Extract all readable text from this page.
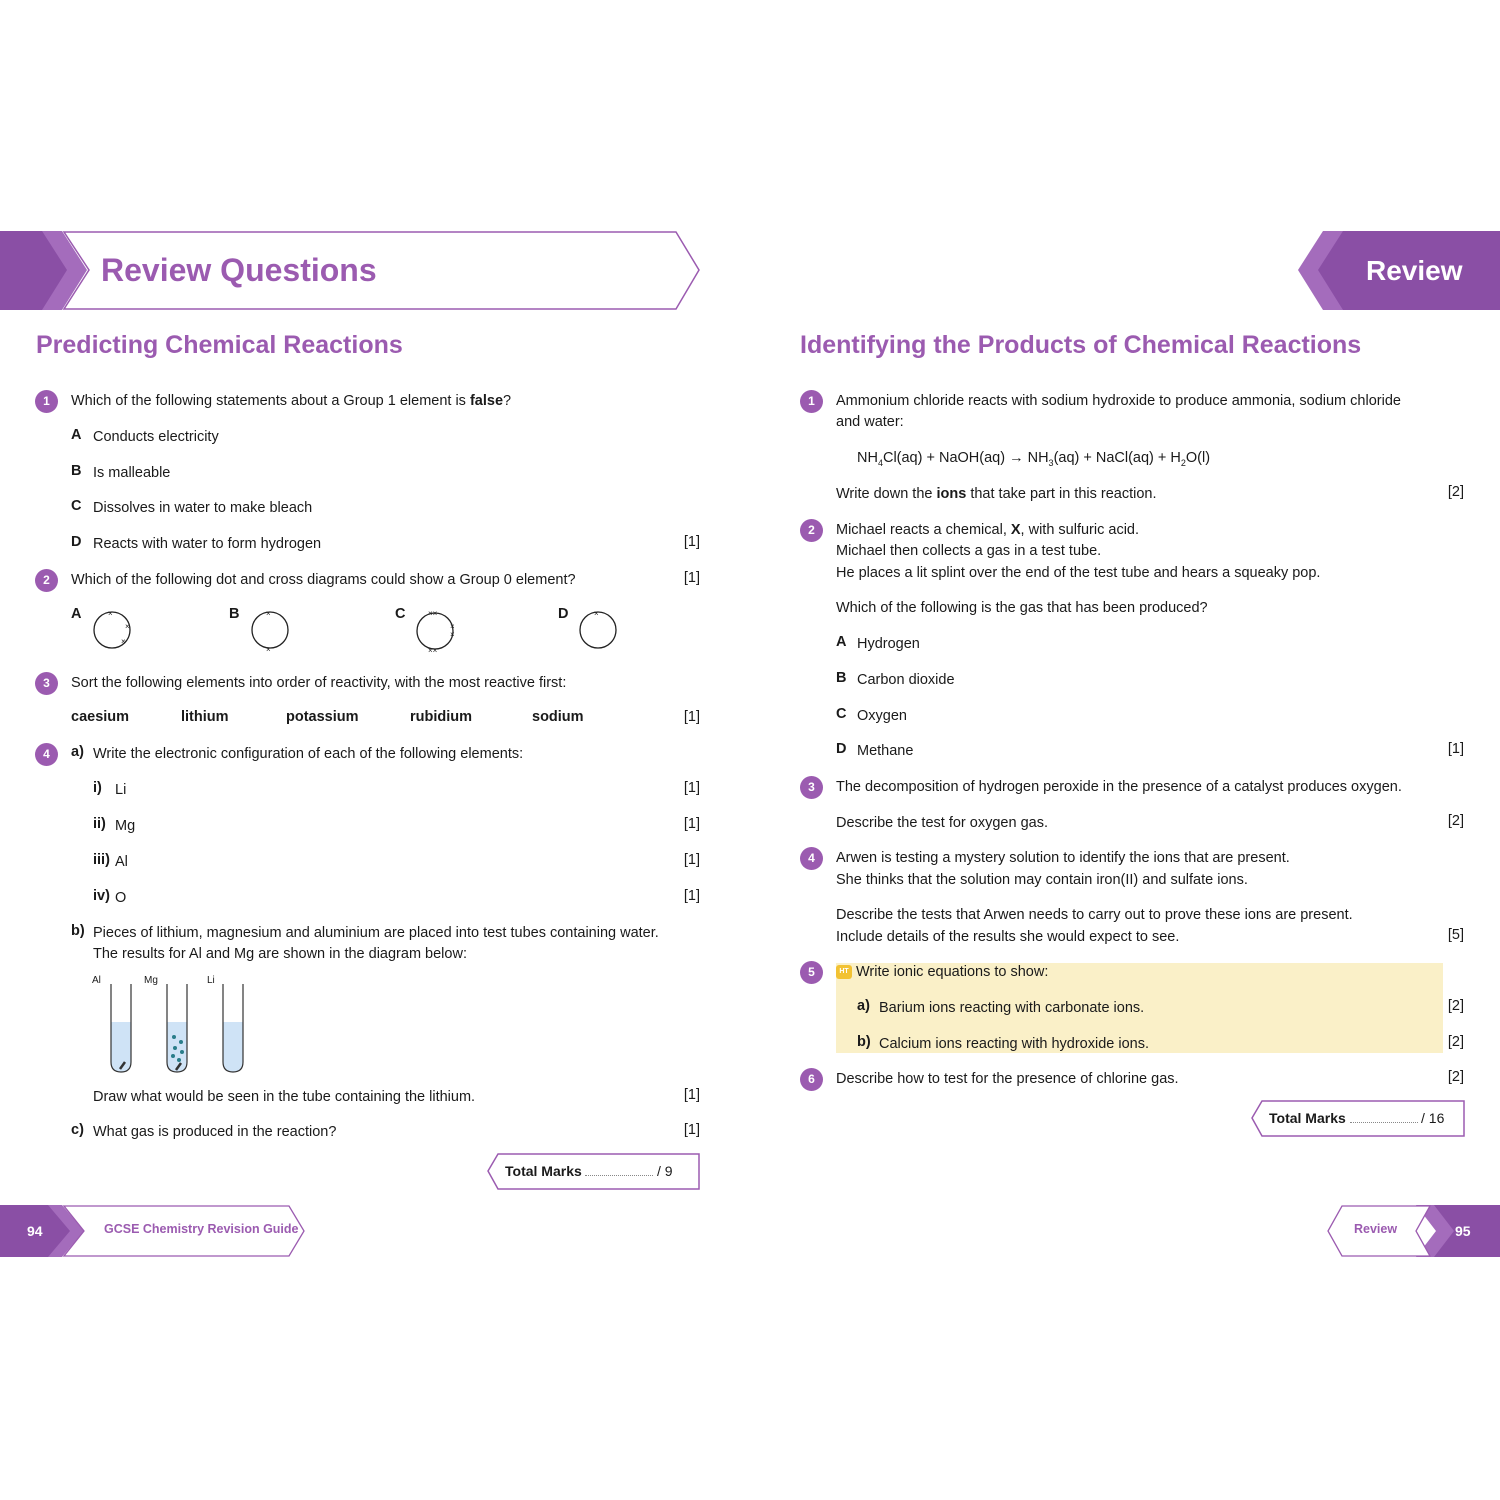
Review Questions	Review
Predicting Chemical Reactions
1	Which of the following statements about a Group 1 element is false?
A Conducts electricity
B Is malleable
C Dissolves in water to make bleach
D Reacts with water to form hydrogen	[1]
2	Which of the following dot and cross diagrams could show a Group 0 element?	[1]
A	×
×
×
B	×
×
C	××
××
×
×
D	×
3	Sort the following elements into order of reactivity, with the most reactive first:
caesium	lithium	potassium	rubidium	sodium	[1]
4	a) Write the electronic configuration of each of the following elements:
i) Li	[1]
ii) Mg	[1]
iii) Al	[1]
iv) O	[1]
b) Pieces of lithium, magnesium and aluminium are placed into test tubes containing water.
The results for Al and Mg are shown in the diagram below:
Al	Mg	Li
Draw what would be seen in the tube containing the lithium.	[1]
c) What gas is produced in the reaction?	[1]
Total Marks	/ 9
Identifying the Products of Chemical Reactions
1	Ammonium chloride reacts with sodium hydroxide to produce ammonia, sodium chloride
and water:
$NH_4Cl(aq)$ + NaOH(aq) → $NH_3(aq)$ + NaCl(aq) + $H_2O(l)$
Write down the ions that take part in this reaction.	[2]
2	Michael reacts a chemical, X, with sulfuric acid.
Michael then collects a gas in a test tube.
He places a lit splint over the end of the test tube and hears a squeaky pop.
Which of the following is the gas that has been produced?
A Hydrogen
B Carbon dioxide
C Oxygen
D Methane	[1]
3	The decomposition of hydrogen peroxide in the presence of a catalyst produces oxygen.
Describe the test for oxygen gas.	[2]
4	Arwen is testing a mystery solution to identify the ions that are present.
She thinks that the solution may contain iron(II) and sulfate ions.
Describe the tests that Arwen needs to carry out to prove these ions are present.
Include details of the results she would expect to see.	[5]
5	HT Write ionic equations to show:
a) Barium ions reacting with carbonate ions.	[2]
b) Calcium ions reacting with hydroxide ions.	[2]
6	Describe how to test for the presence of chlorine gas.	[2]
Total Marks	/ 16
94	GCSE Chemistry Revision Guide	Review	95
